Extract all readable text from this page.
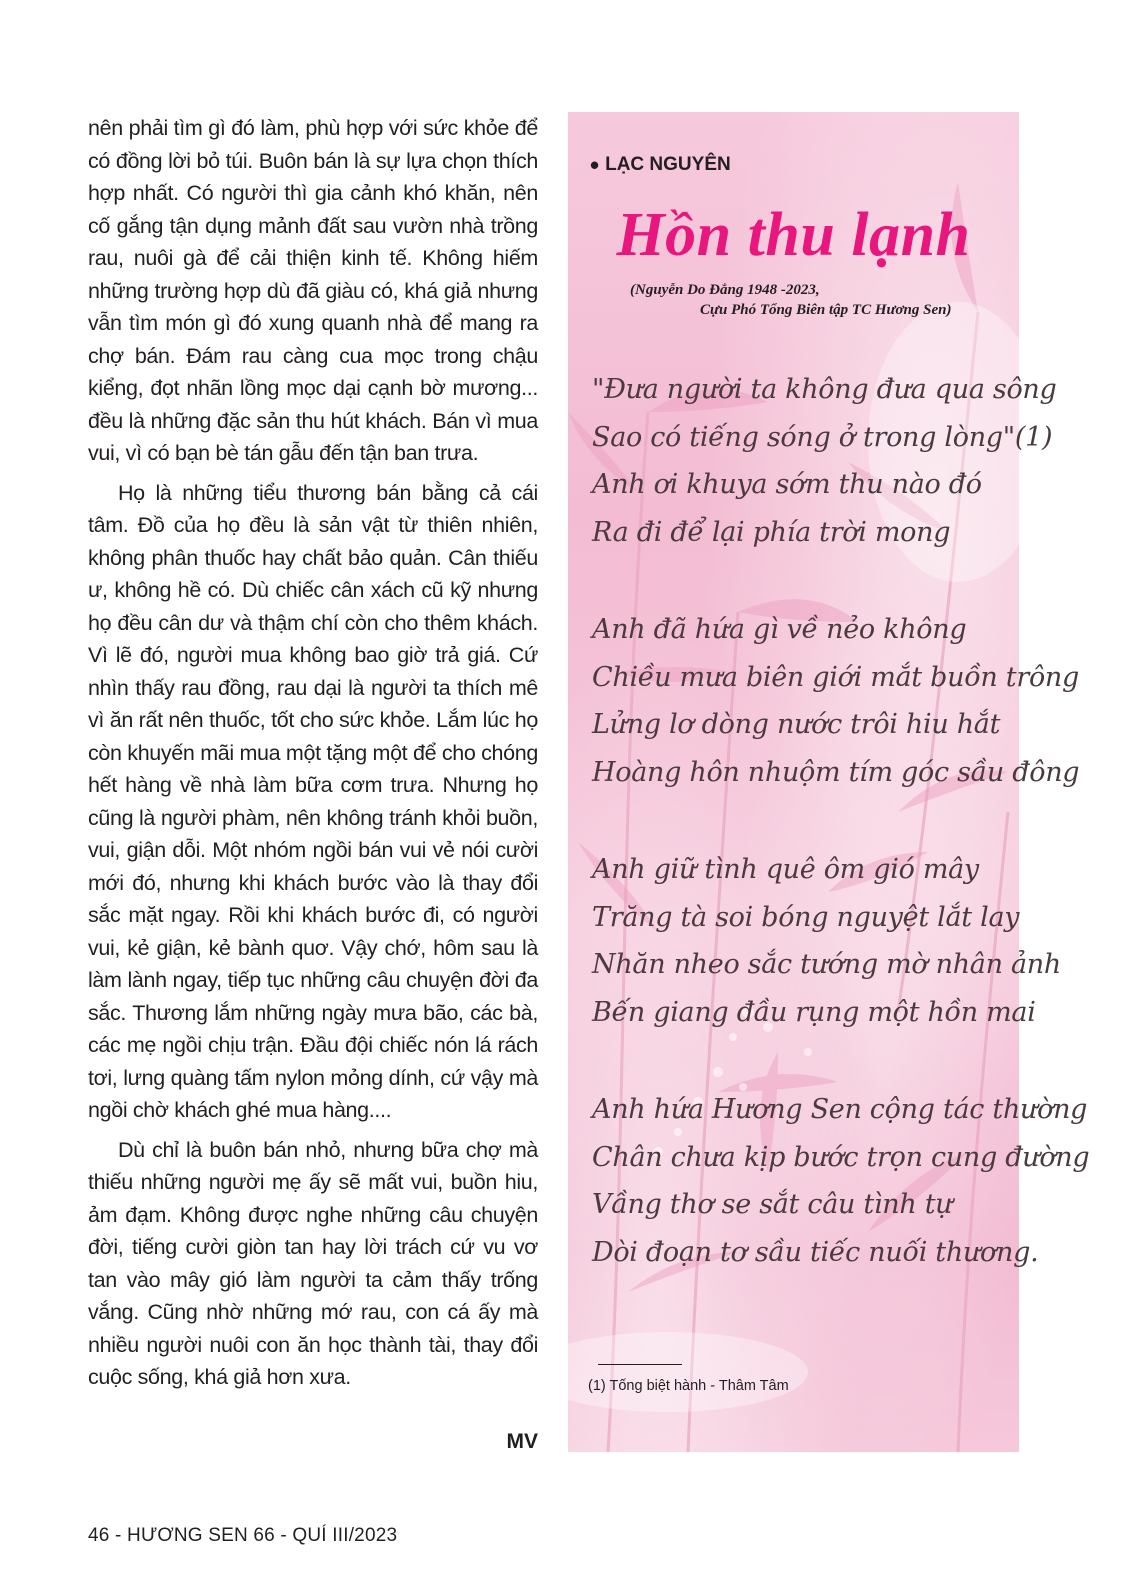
nên phải tìm gì đó làm, phù hợp với sức khỏe để có đồng lời bỏ túi. Buôn bán là sự lựa chọn thích hợp nhất. Có người thì gia cảnh khó khăn, nên cố gắng tận dụng mảnh đất sau vườn nhà trồng rau, nuôi gà để cải thiện kinh tế. Không hiếm những trường hợp dù đã giàu có, khá giả nhưng vẫn tìm món gì đó xung quanh nhà để mang ra chợ bán. Đám rau càng cua mọc trong chậu kiểng, đọt nhãn lồng mọc dại cạnh bờ mương... đều là những đặc sản thu hút khách. Bán vì mua vui, vì có bạn bè tán gẫu đến tận ban trưa.

Họ là những tiểu thương bán bằng cả cái tâm. Đồ của họ đều là sản vật từ thiên nhiên, không phân thuốc hay chất bảo quản. Cân thiếu ư, không hề có. Dù chiếc cân xách cũ kỹ nhưng họ đều cân dư và thậm chí còn cho thêm khách. Vì lẽ đó, người mua không bao giờ trả giá. Cứ nhìn thấy rau đồng, rau dại là người ta thích mê vì ăn rất nên thuốc, tốt cho sức khỏe. Lắm lúc họ còn khuyến mãi mua một tặng một để cho chóng hết hàng về nhà làm bữa cơm trưa. Nhưng họ cũng là người phàm, nên không tránh khỏi buồn, vui, giận dỗi. Một nhóm ngồi bán vui vẻ nói cười mới đó, nhưng khi khách bước vào là thay đổi sắc mặt ngay. Rồi khi khách bước đi, có người vui, kẻ giận, kẻ bành quơ. Vậy chớ, hôm sau là làm lành ngay, tiếp tục những câu chuyện đời đa sắc. Thương lắm những ngày mưa bão, các bà, các mẹ ngồi chịu trận. Đầu đội chiếc nón lá rách tơi, lưng quàng tấm nylon mỏng dính, cứ vậy mà ngồi chờ khách ghé mua hàng....

Dù chỉ là buôn bán nhỏ, nhưng bữa chợ mà thiếu những người mẹ ấy sẽ mất vui, buồn hiu, ảm đạm. Không được nghe những câu chuyện đời, tiếng cười giòn tan hay lời trách cứ vu vơ tan vào mây gió làm người ta cảm thấy trống vắng. Cũng nhờ những mớ rau, con cá ấy mà nhiều người nuôi con ăn học thành tài, thay đổi cuộc sống, khá giả hơn xưa.

MV
• LẠC NGUYÊN
Hồn thu lạnh
(Nguyễn Do Đẳng 1948 -2023,
Cựu Phó Tổng Biên tập TC Hương Sen)
"Đưa người ta không đưa qua sông
Sao có tiếng sóng ở trong lòng"(1)
Anh ơi khuya sớm thu nào đó
Ra đi để lại phía trời mong
Anh đã hứa gì về nẻo không
Chiều mưa biên giới mắt buồn trông
Lửng lơ dòng nước trôi hiu hắt
Hoàng hôn nhuộm tím góc sầu đông
Anh giữ tình quê ôm gió mây
Trăng tà soi bóng nguyệt lắt lay
Nhăn nheo sắc tướng mờ nhân ảnh
Bến giang đầu rụng một hồn mai
Anh hứa Hương Sen cộng tác thường
Chân chưa kịp bước trọn cung đường
Vầng thơ se sắt câu tình tự
Dòi đoạn tơ sầu tiếc nuối thương.
(1) Tống biệt hành - Thâm Tâm
46 - HƯƠNG SEN 66 - QUÍ III/2023
